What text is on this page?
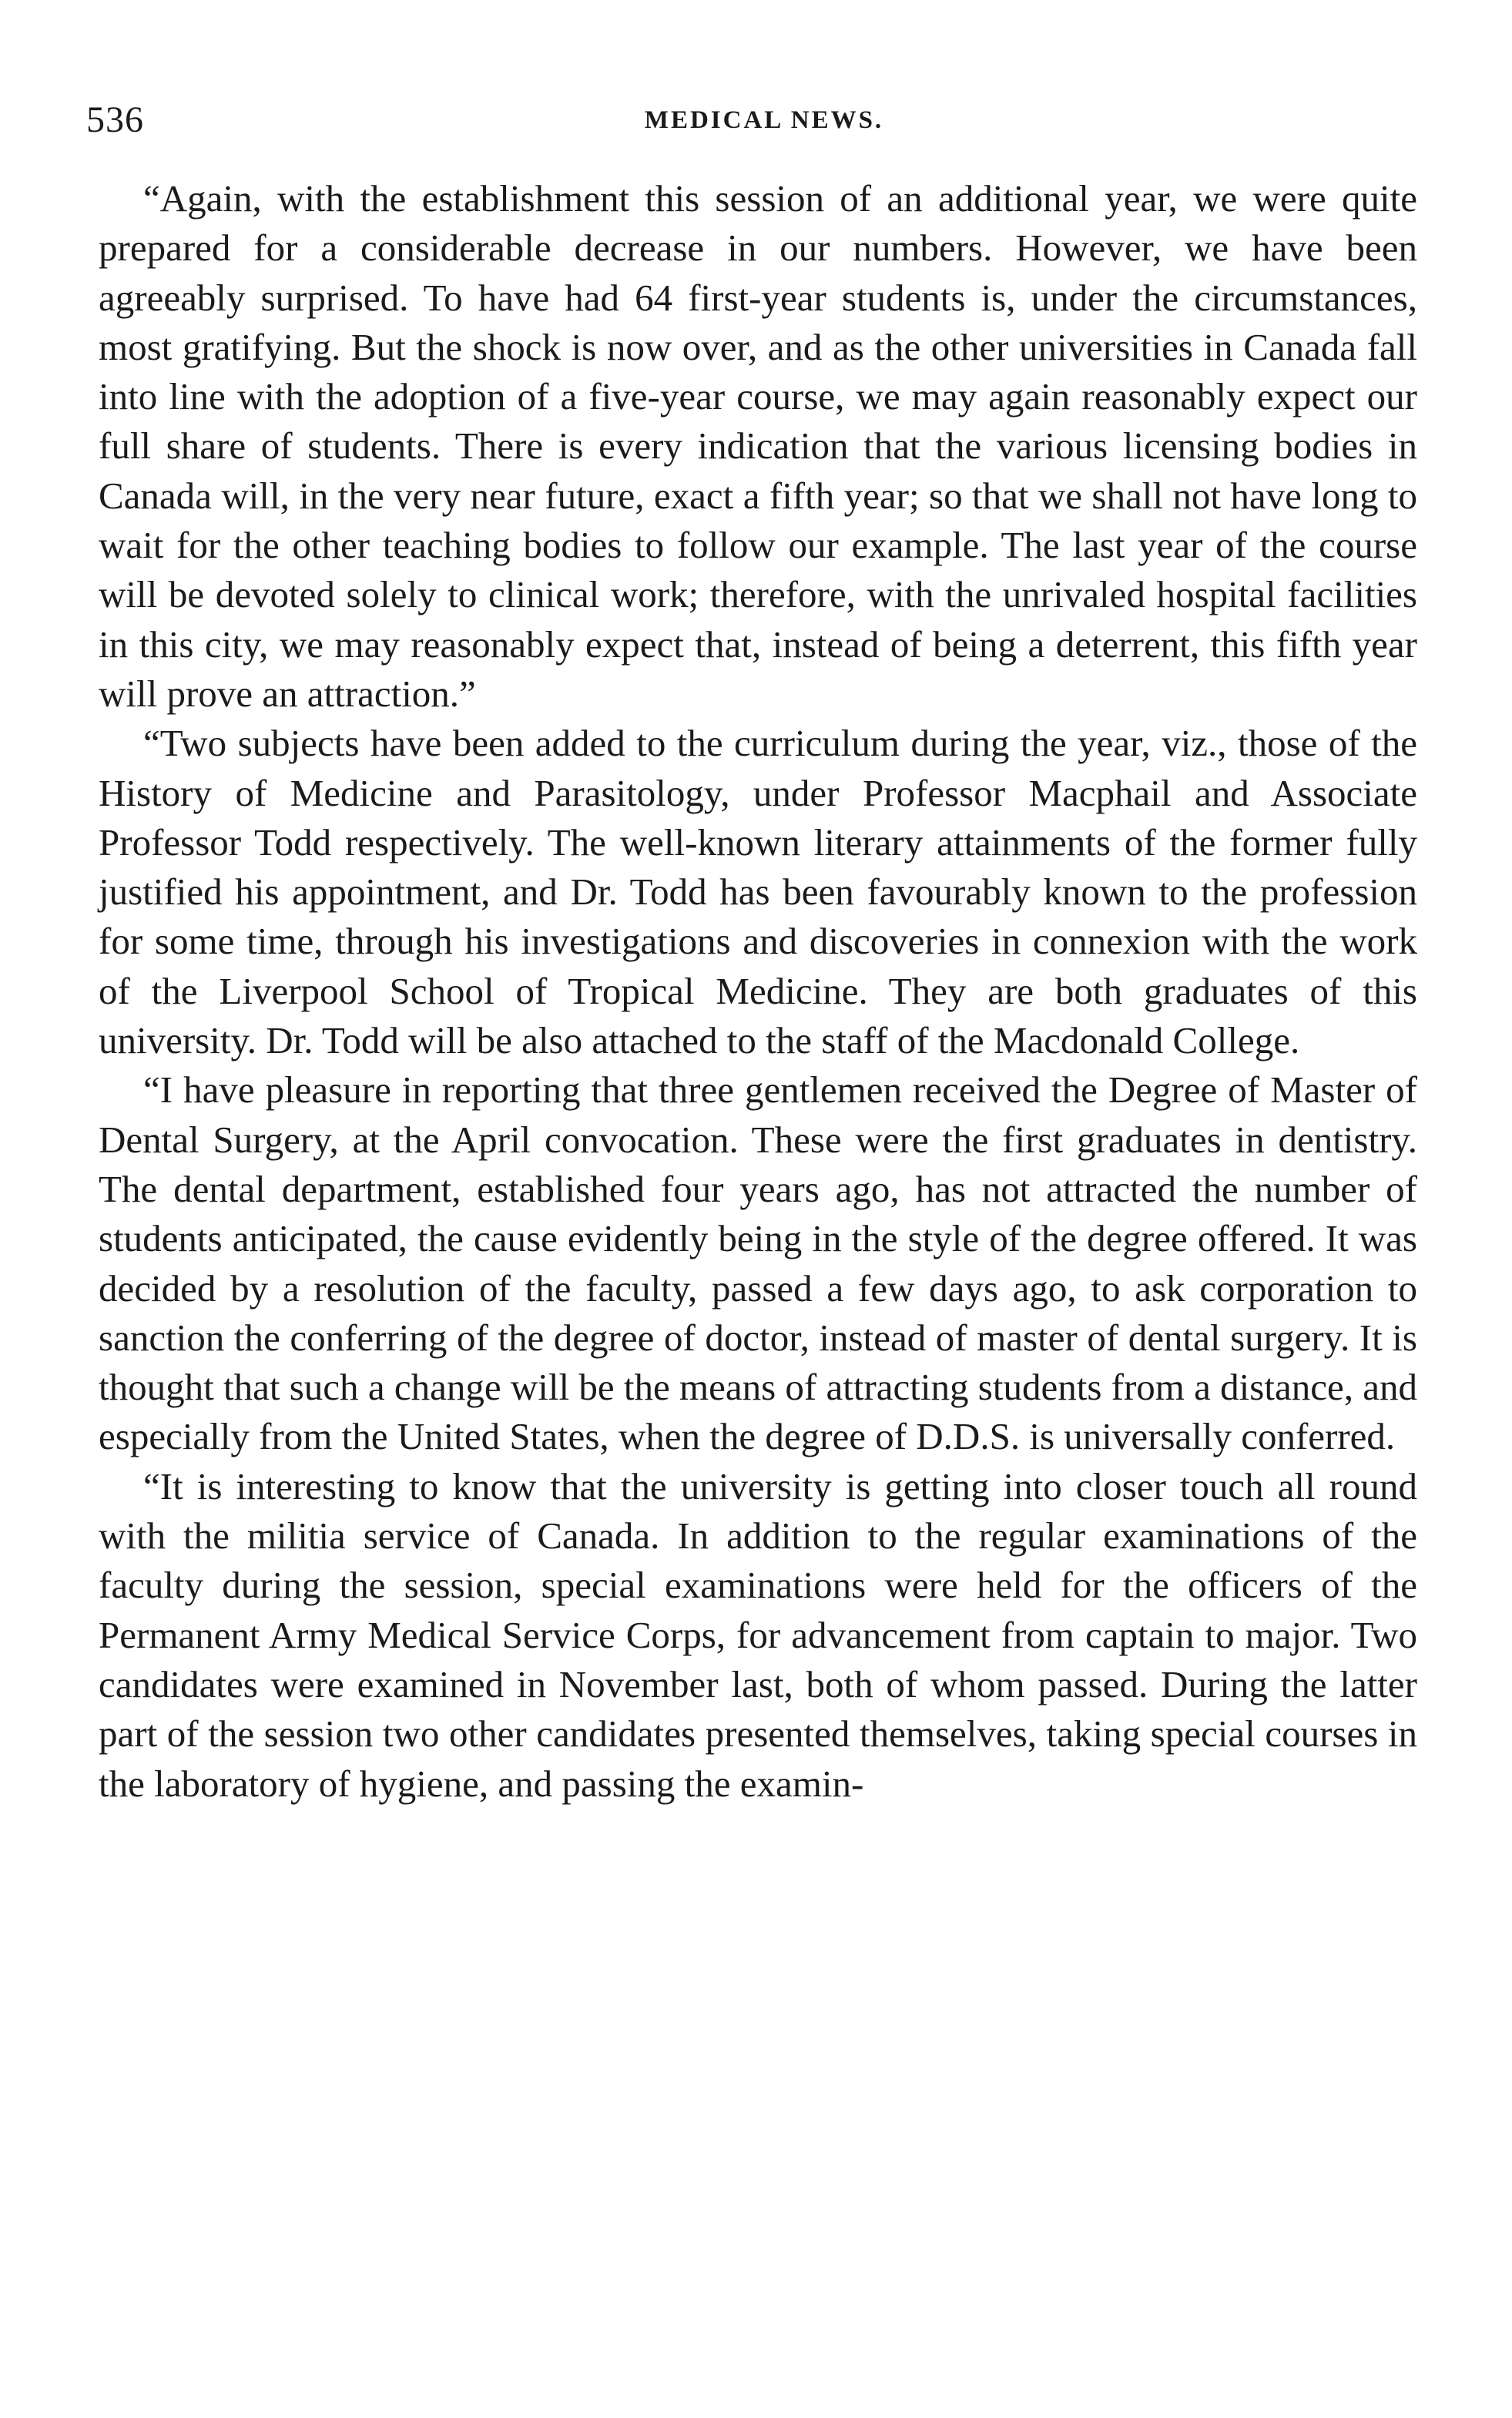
536	MEDICAL NEWS.

“Again, with the establishment this session of an additional year, we were quite prepared for a considerable decrease in our numbers. However, we have been agreeably surprised. To have had 64 first-year students is, under the circumstances, most gratifying. But the shock is now over, and as the other universities in Canada fall into line with the adoption of a five-year course, we may again reasonably expect our full share of students. There is every indication that the various licensing bodies in Canada will, in the very near future, exact a fifth year; so that we shall not have long to wait for the other teaching bodies to follow our example. The last year of the course will be devoted solely to clinical work; therefore, with the unrivaled hospital facilities in this city, we may reasonably expect that, instead of being a deterrent, this fifth year will prove an attraction.”

“Two subjects have been added to the curriculum during the year, viz., those of the History of Medicine and Parasitology, under Professor Macphail and Associate Professor Todd respectively. The well-known literary attainments of the former fully justified his appointment, and Dr. Todd has been favourably known to the profession for some time, through his investigations and discoveries in connexion with the work of the Liverpool School of Tropical Medicine. They are both graduates of this university. Dr. Todd will be also attached to the staff of the Macdonald College.

“I have pleasure in reporting that three gentlemen received the Degree of Master of Dental Surgery, at the April convocation. These were the first graduates in dentistry. The dental department, established four years ago, has not attracted the number of students anticipated, the cause evidently being in the style of the degree offered. It was decided by a resolution of the faculty, passed a few days ago, to ask corporation to sanction the conferring of the degree of doctor, instead of master of dental surgery. It is thought that such a change will be the means of attracting students from a distance, and especially from the United States, when the degree of D.D.S. is universally conferred.

“It is interesting to know that the university is getting into closer touch all round with the militia service of Canada. In addition to the regular examinations of the faculty during the session, special examinations were held for the officers of the Permanent Army Medical Service Corps, for advancement from captain to major. Two candidates were examined in November last, both of whom passed. During the latter part of the session two other candidates presented themselves, taking special courses in the laboratory of hygiene, and passing the examin-
